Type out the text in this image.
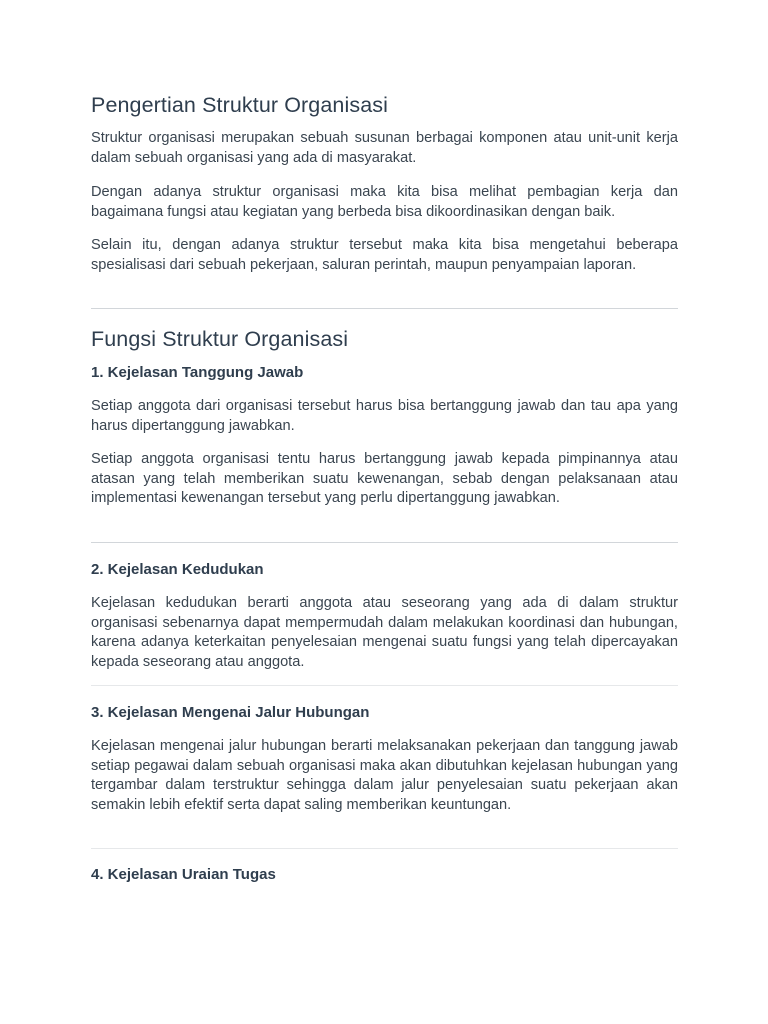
Pengertian Struktur Organisasi

Struktur organisasi merupakan sebuah susunan berbagai komponen atau unit-unit kerja dalam sebuah organisasi yang ada di masyarakat.

Dengan adanya struktur organisasi maka kita bisa melihat pembagian kerja dan bagaimana fungsi atau kegiatan yang berbeda bisa dikoordinasikan dengan baik.

Selain itu, dengan adanya struktur tersebut maka kita bisa mengetahui beberapa spesialisasi dari sebuah pekerjaan, saluran perintah, maupun penyampaian laporan.

Fungsi Struktur Organisasi
1. Kejelasan Tanggung Jawab

Setiap anggota dari organisasi tersebut harus bisa bertanggung jawab dan tau apa yang harus dipertanggung jawabkan.

Setiap anggota organisasi tentu harus bertanggung jawab kepada pimpinannya atau atasan yang telah memberikan suatu kewenangan, sebab dengan pelaksanaan atau implementasi kewenangan tersebut yang perlu dipertanggung jawabkan.

2. Kejelasan Kedudukan

Kejelasan kedudukan berarti anggota atau seseorang yang ada di dalam struktur organisasi sebenarnya dapat mempermudah dalam melakukan koordinasi dan hubungan, karena adanya keterkaitan penyelesaian mengenai suatu fungsi yang telah dipercayakan kepada seseorang atau anggota.

3. Kejelasan Mengenai Jalur Hubungan

Kejelasan mengenai jalur hubungan berarti melaksanakan pekerjaan dan tanggung jawab setiap pegawai dalam sebuah organisasi maka akan dibutuhkan kejelasan hubungan yang tergambar dalam terstruktur sehingga dalam jalur penyelesaian suatu pekerjaan akan semakin lebih efektif serta dapat saling memberikan keuntungan.

4. Kejelasan Uraian Tugas
